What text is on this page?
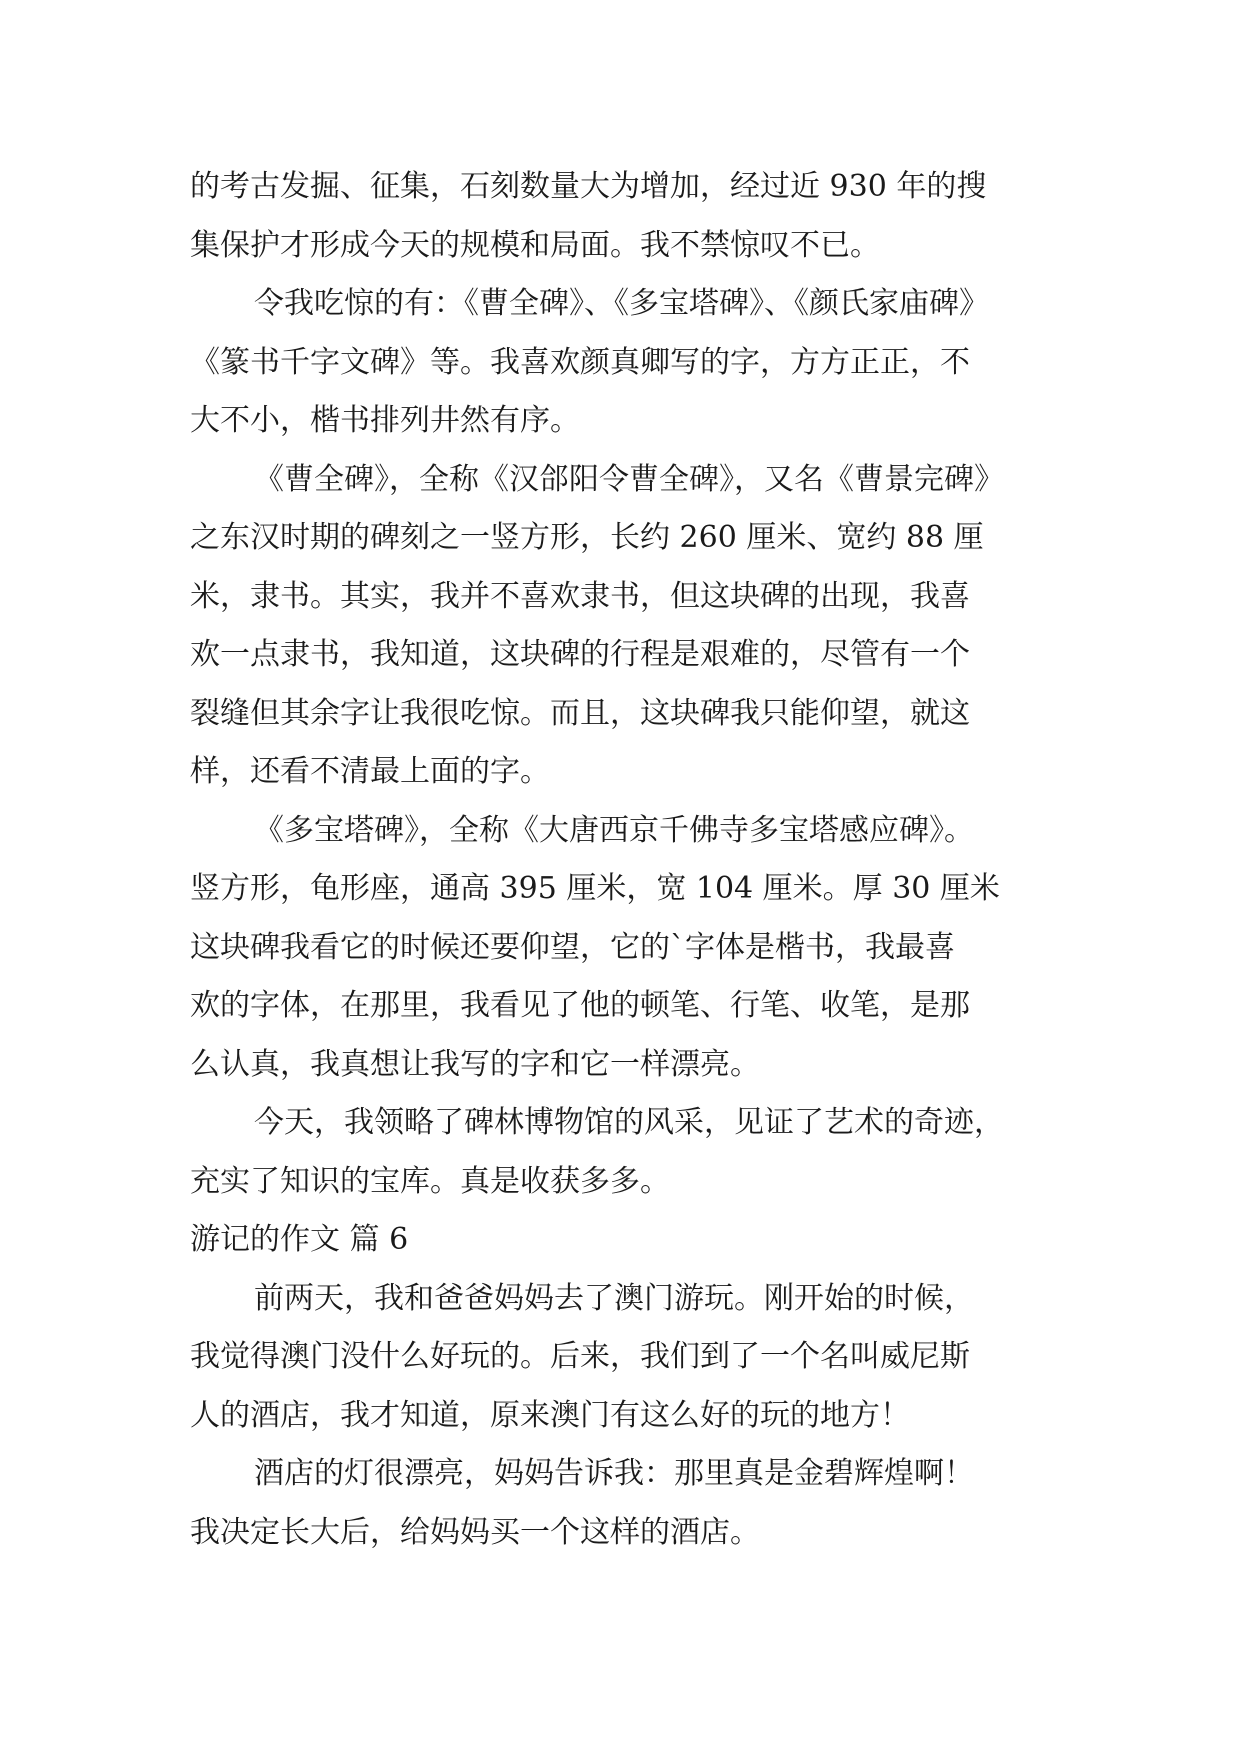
的考古发掘、征集，石刻数量大为增加，经过近 930 年的搜
集保护才形成今天的规模和局面。我不禁惊叹不已。
令我吃惊的有：《曹全碑》、《多宝塔碑》、《颜氏家庙碑》
《篆书千字文碑》等。我喜欢颜真卿写的字，方方正正，不
大不小，楷书排列井然有序。
《曹全碑》，全称《汉郃阳令曹全碑》，又名《曹景完碑》
之东汉时期的碑刻之一竖方形，长约 260 厘米、宽约 88 厘
米，隶书。其实，我并不喜欢隶书，但这块碑的出现，我喜
欢一点隶书，我知道，这块碑的行程是艰难的，尽管有一个
裂缝但其余字让我很吃惊。而且，这块碑我只能仰望，就这
样，还看不清最上面的字。
《多宝塔碑》，全称《大唐西京千佛寺多宝塔感应碑》。
竖方形，龟形座，通高 395 厘米，宽 104 厘米。厚 30 厘米
这块碑我看它的时候还要仰望，它的`字体是楷书，我最喜
欢的字体，在那里，我看见了他的顿笔、行笔、收笔，是那
么认真，我真想让我写的字和它一样漂亮。
今天，我领略了碑林博物馆的风采，见证了艺术的奇迹，
充实了知识的宝库。真是收获多多。
游记的作文 篇 6
前两天，我和爸爸妈妈去了澳门游玩。刚开始的时候，
我觉得澳门没什么好玩的。后来，我们到了一个名叫威尼斯
人的酒店，我才知道，原来澳门有这么好的玩的地方！
酒店的灯很漂亮，妈妈告诉我：那里真是金碧辉煌啊！
我决定长大后，给妈妈买一个这样的酒店。
